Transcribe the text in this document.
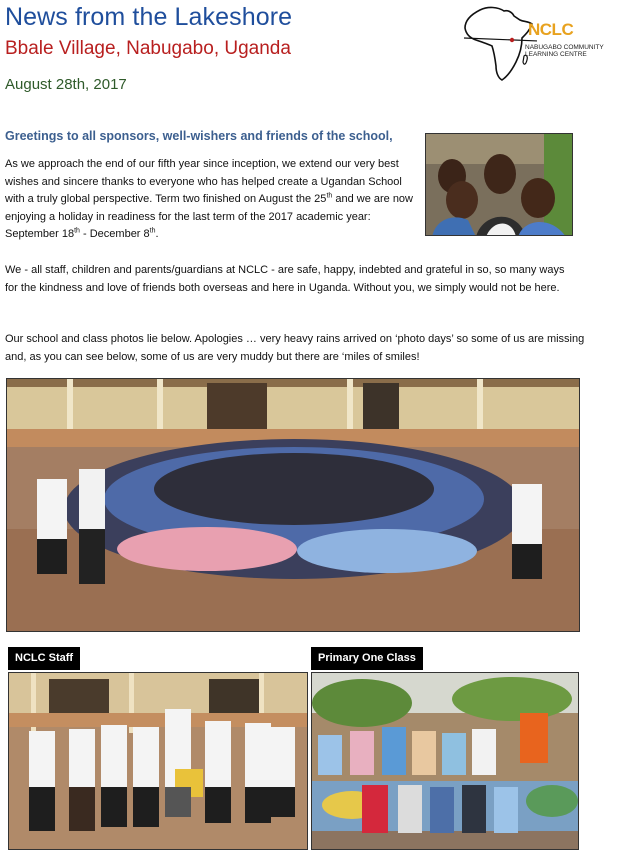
News from the Lakeshore
Bbale Village, Nabugabo, Uganda
August 28th, 2017
NCLC
NABUGABO COMMUNITY LEARNING CENTRE
Greetings to all sponsors, well-wishers and friends of the school,

As we approach the end of our fifth year since inception, we extend our very best wishes and sincere thanks to everyone who has helped create a Ugandan School with a truly global perspective. Term two finished on August the 25th and we are now enjoying a holiday in readiness for the last term of the 2017 academic year: September 18th - December 8th.

We - all staff, children and parents/guardians at NCLC - are safe, happy, indebted and grateful in so, so many ways for the kindness and love of friends both overseas and here in Uganda. Without you, we simply would not be here.

Our school and class photos lie below. Apologies … very heavy rains arrived on ‘photo days’ so some of us are missing and, as you can see below, some of us are very muddy but there are ‘miles of smiles!

NCLC Staff	Primary One Class
